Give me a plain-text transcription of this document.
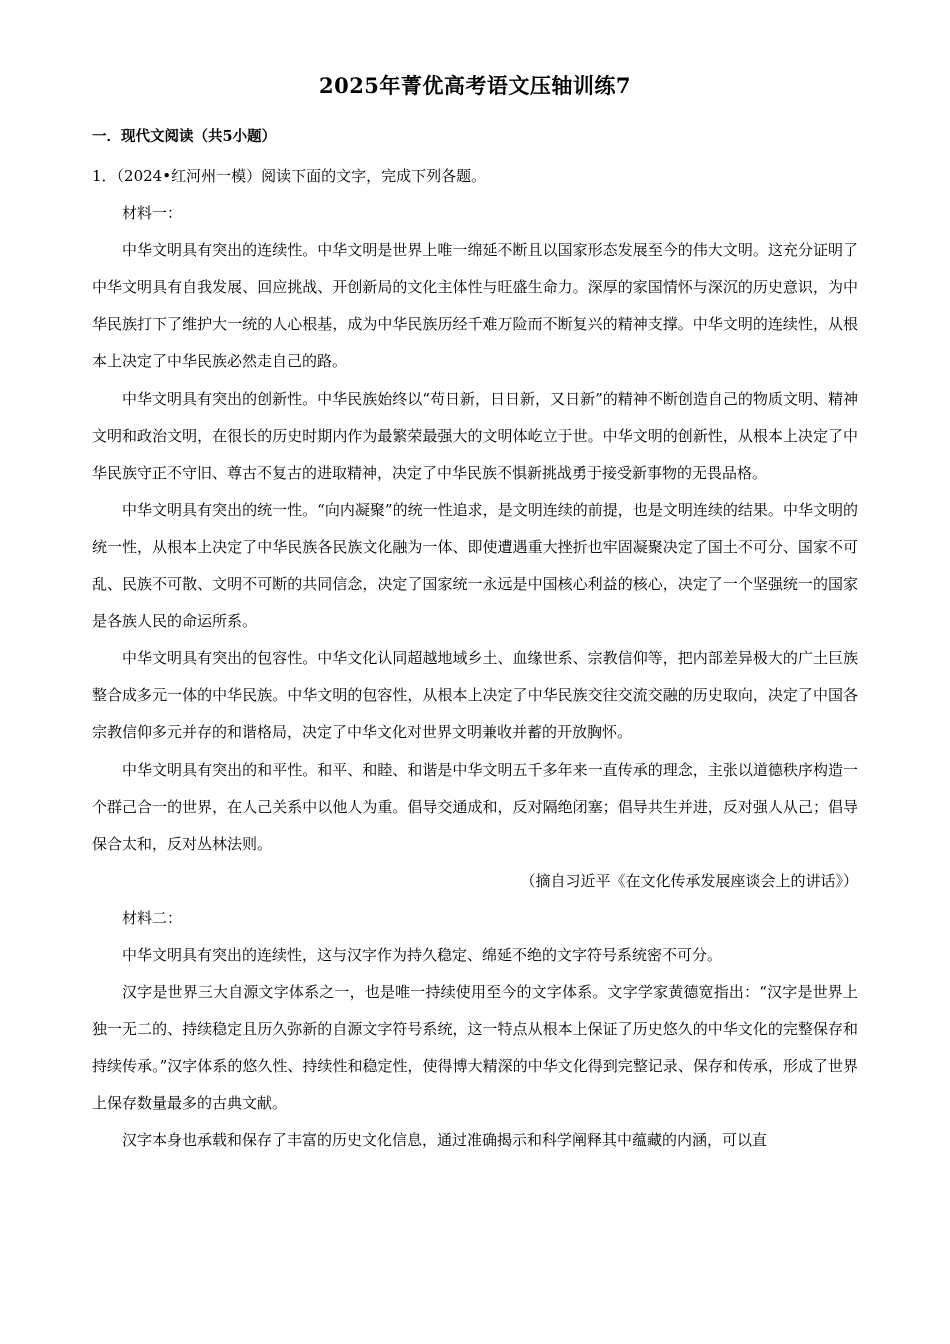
2025年菁优高考语文压轴训练7
一．现代文阅读（共5小题）

1．（2024•红河州一模）阅读下面的文字，完成下列各题。

材料一：

中华文明具有突出的连续性。中华文明是世界上唯一绵延不断且以国家形态发展至今的伟大文明。这充分证明了中华文明具有自我发展、回应挑战、开创新局的文化主体性与旺盛生命力。深厚的家国情怀与深沉的历史意识，为中华民族打下了维护大一统的人心根基，成为中华民族历经千难万险而不断复兴的精神支撑。中华文明的连续性，从根本上决定了中华民族必然走自己的路。

中华文明具有突出的创新性。中华民族始终以“苟日新，日日新，又日新”的精神不断创造自己的物质文明、精神文明和政治文明，在很长的历史时期内作为最繁荣最强大的文明体屹立于世。中华文明的创新性，从根本上决定了中华民族守正不守旧、尊古不复古的进取精神，决定了中华民族不惧新挑战勇于接受新事物的无畏品格。

中华文明具有突出的统一性。“向内凝聚”的统一性追求，是文明连续的前提，也是文明连续的结果。中华文明的统一性，从根本上决定了中华民族各民族文化融为一体、即使遭遇重大挫折也牢固凝聚决定了国土不可分、国家不可乱、民族不可散、文明不可断的共同信念，决定了国家统一永远是中国核心利益的核心，决定了一个坚强统一的国家是各族人民的命运所系。

中华文明具有突出的包容性。中华文化认同超越地域乡土、血缘世系、宗教信仰等，把内部差异极大的广土巨族整合成多元一体的中华民族。中华文明的包容性，从根本上决定了中华民族交往交流交融的历史取向，决定了中国各宗教信仰多元并存的和谐格局，决定了中华文化对世界文明兼收并蓄的开放胸怀。

中华文明具有突出的和平性。和平、和睦、和谐是中华文明五千多年来一直传承的理念，主张以道德秩序构造一个群己合一的世界，在人己关系中以他人为重。倡导交通成和，反对隔绝闭塞；倡导共生并进，反对强人从己；倡导保合太和，反对丛林法则。

（摘自习近平《在文化传承发展座谈会上的讲话》）

材料二：

中华文明具有突出的连续性，这与汉字作为持久稳定、绵延不绝的文字符号系统密不可分。

汉字是世界三大自源文字体系之一，也是唯一持续使用至今的文字体系。文字学家黄德宽指出：“汉字是世界上独一无二的、持续稳定且历久弥新的自源文字符号系统，这一特点从根本上保证了历史悠久的中华文化的完整保存和持续传承。”汉字体系的悠久性、持续性和稳定性，使得博大精深的中华文化得到完整记录、保存和传承，形成了世界上保存数量最多的古典文献。

汉字本身也承载和保存了丰富的历史文化信息，通过准确揭示和科学阐释其中蕴藏的内涵，可以直
